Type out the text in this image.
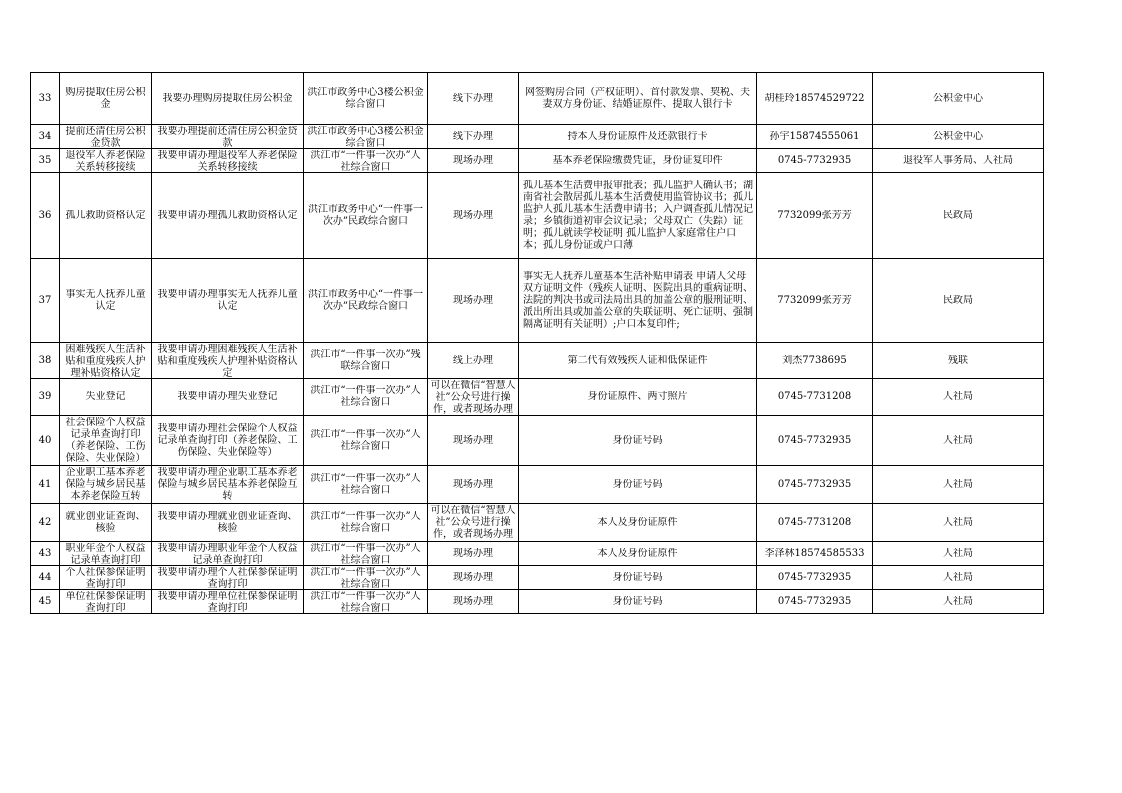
33	购房提取住房公积金	我要办理购房提取住房公积金	洪江市政务中心3楼公积金综合窗口	线下办理	网签购房合同（产权证明）、首付款发票、契税、夫妻双方身份证、结婚证原件、提取人银行卡	胡桂玲18574529722	公积金中心

34	提前还清住房公积金贷款	我要办理提前还清住房公积金贷款	洪江市政务中心3楼公积金综合窗口	线下办理	持本人身份证原件及还款银行卡	孙宇15874555061	公积金中心

35	退役军人养老保险关系转移接续	我要申请办理退役军人养老保险关系转移接续	洪江市“一件事一次办”人社综合窗口	现场办理	基本养老保险缴费凭证，身份证复印件	0745-7732935	退役军人事务局、人社局

36	孤儿救助资格认定	我要申请办理孤儿救助资格认定	洪江市政务中心“一件事一次办”民政综合窗口	现场办理	孤儿基本生活费申报审批表；孤儿监护人确认书；湖南省社会散居孤儿基本生活费使用监管协议书；孤儿监护人孤儿基本生活费申请书；入户调查孤儿情况记录；乡镇街道初审会议记录；父母双亡（失踪）证明；孤儿就读学校证明 孤儿监护人家庭常住户口本；孤儿身份证或户口薄	7732099张芳芳	民政局

37	事实无人抚养儿童认定	我要申请办理事实无人抚养儿童认定	洪江市政务中心“一件事一次办”民政综合窗口	现场办理	事实无人抚养儿童基本生活补贴申请表 申请人父母双方证明文件（残疾人证明、医院出具的重病证明、法院的判决书或司法局出具的加盖公章的服刑证明、派出所出具或加盖公章的失联证明、死亡证明、强制隔离证明有关证明）;户口本复印件;	7732099张芳芳	民政局

38	困难残疾人生活补贴和重度残疾人护理补贴资格认定	我要申请办理困难残疾人生活补贴和重度残疾人护理补贴资格认定	洪江市“一件事一次办”残联综合窗口	线上办理	第二代有效残疾人证和低保证件	刘杰7738695	残联

39	失业登记	我要申请办理失业登记	洪江市“一件事一次办”人社综合窗口	可以在微信“智慧人社”公众号进行操作，或者现场办理	身份证原件、两寸照片	0745-7731208	人社局

40	社会保险个人权益记录单查询打印（养老保险、工伤保险、失业保险）	我要申请办理社会保险个人权益记录单查询打印（养老保险、工伤保险、失业保险等）	洪江市“一件事一次办”人社综合窗口	现场办理	身份证号码	0745-7732935	人社局

41	企业职工基本养老保险与城乡居民基本养老保险互转	我要申请办理企业职工基本养老保险与城乡居民基本养老保险互转	洪江市“一件事一次办”人社综合窗口	现场办理	身份证号码	0745-7732935	人社局

42	就业创业证查询、核验	我要申请办理就业创业证查询、核验	洪江市“一件事一次办”人社综合窗口	可以在微信“智慧人社”公众号进行操作，或者现场办理	本人及身份证原件	0745-7731208	人社局

43	职业年金个人权益记录单查询打印	我要申请办理职业年金个人权益记录单查询打印	洪江市“一件事一次办”人社综合窗口	现场办理	本人及身份证原件	李泽林18574585533	人社局

44	个人社保参保证明查询打印	我要申请办理个人社保参保证明查询打印	洪江市“一件事一次办”人社综合窗口	现场办理	身份证号码	0745-7732935	人社局

45	单位社保参保证明查询打印	我要申请办理单位社保参保证明查询打印	洪江市“一件事一次办”人社综合窗口	现场办理	身份证号码	0745-7732935	人社局
